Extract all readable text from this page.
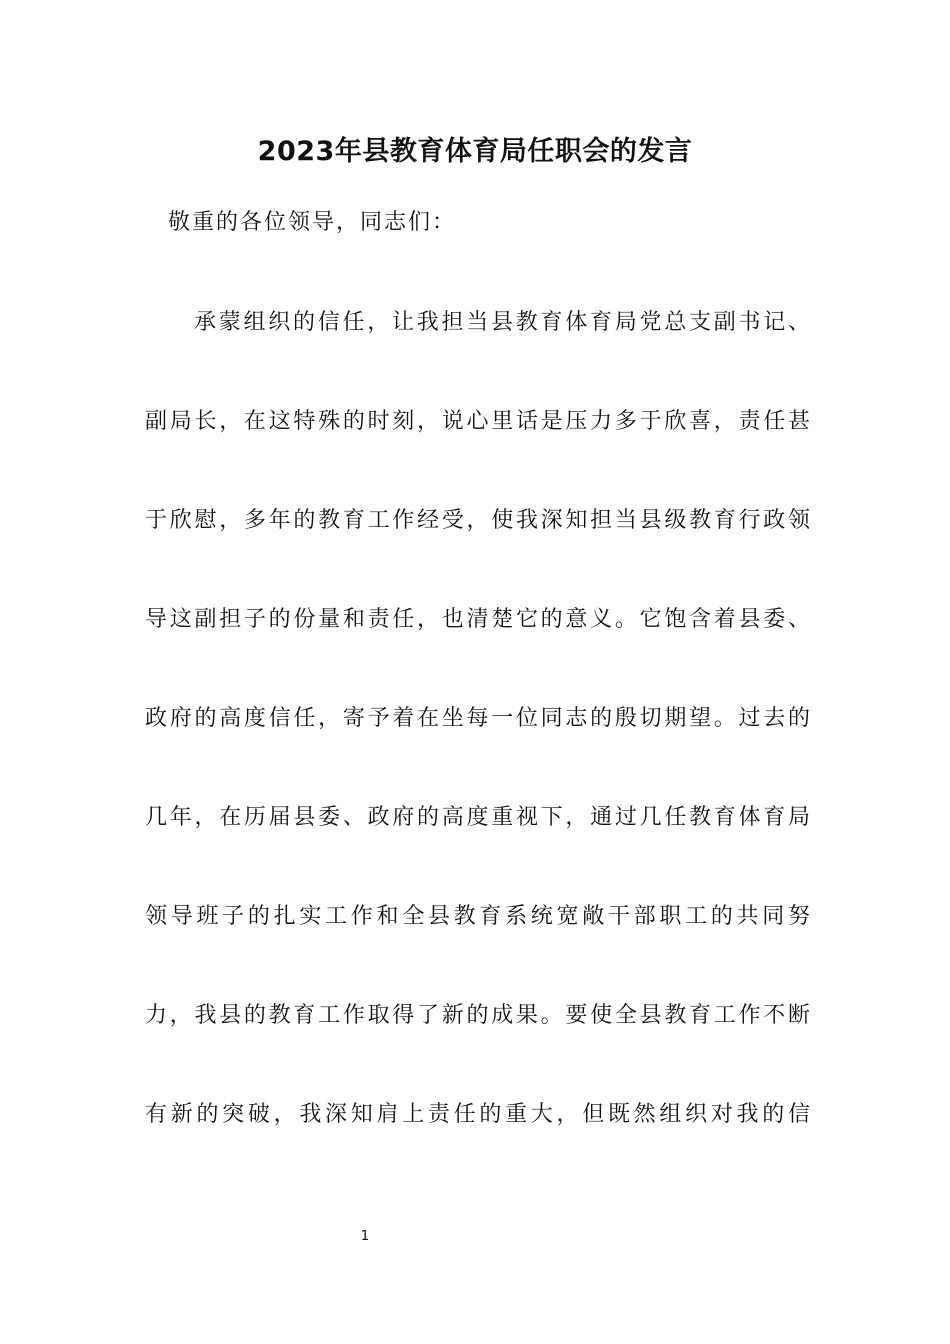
2023年县教育体育局任职会的发言

敬重的各位领导，同志们：

承蒙组织的信任，让我担当县教育体育局党总支副书记、

副局长，在这特殊的时刻，说心里话是压力多于欣喜，责任甚

于欣慰，多年的教育工作经受，使我深知担当县级教育行政领

导这副担子的份量和责任，也清楚它的意义。它饱含着县委、

政府的高度信任，寄予着在坐每一位同志的殷切期望。过去的

几年，在历届县委、政府的高度重视下，通过几任教育体育局

领导班子的扎实工作和全县教育系统宽敞干部职工的共同努

力，我县的教育工作取得了新的成果。要使全县教育工作不断

有新的突破，我深知肩上责任的重大，但既然组织对我的信

1
